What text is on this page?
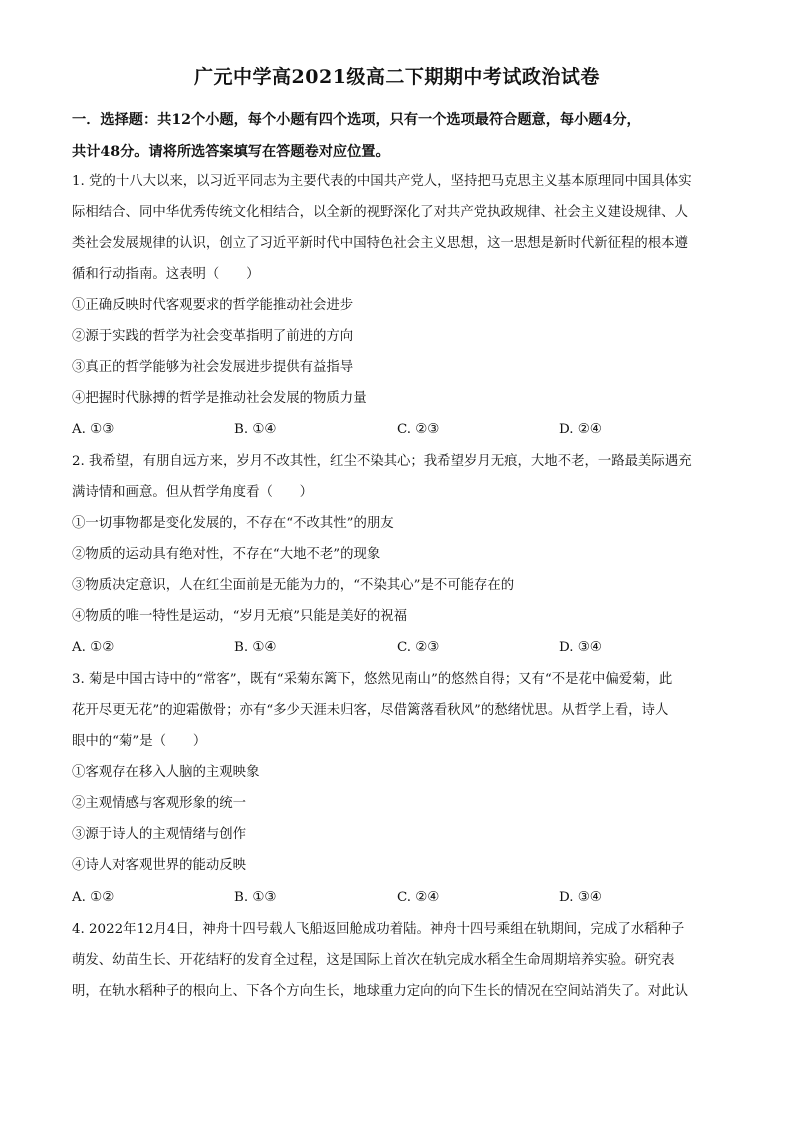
广元中学高2021级高二下期期中考试政治试卷
一．选择题：共12个小题，每个小题有四个选项，只有一个选项最符合题意，每小题4分，
共计48分。请将所选答案填写在答题卷对应位置。
1. 党的十八大以来，以习近平同志为主要代表的中国共产党人，坚持把马克思主义基本原理同中国具体实
际相结合、同中华优秀传统文化相结合，以全新的视野深化了对共产党执政规律、社会主义建设规律、人
类社会发展规律的认识，创立了习近平新时代中国特色社会主义思想，这一思想是新时代新征程的根本遵
循和行动指南。这表明（　　）
①正确反映时代客观要求的哲学能推动社会进步
②源于实践的哲学为社会变革指明了前进的方向
③真正的哲学能够为社会发展进步提供有益指导
④把握时代脉搏的哲学是推动社会发展的物质力量
A. ①③	B. ①④	C. ②③	D. ②④
2. 我希望，有朋自远方来，岁月不改其性，红尘不染其心；我希望岁月无痕，大地不老，一路最美际遇充
满诗情和画意。但从哲学角度看（　　）
①一切事物都是变化发展的，不存在“不改其性”的朋友
②物质的运动具有绝对性，不存在“大地不老”的现象
③物质决定意识，人在红尘面前是无能为力的，“不染其心”是不可能存在的
④物质的唯一特性是运动，“岁月无痕”只能是美好的祝福
A. ①②	B. ①④	C. ②③	D. ③④
3. 菊是中国古诗中的“常客”，既有“采菊东篱下，悠然见南山”的悠然自得；又有“不是花中偏爱菊，此
花开尽更无花”的迎霜傲骨；亦有“多少天涯未归客，尽借篱落看秋风”的愁绪忧思。从哲学上看，诗人
眼中的“菊”是（　　）
①客观存在移入人脑的主观映象
②主观情感与客观形象的统一
③源于诗人的主观情绪与创作
④诗人对客观世界的能动反映
A. ①②	B. ①③	C. ②④	D. ③④
4. 2022年12月4日，神舟十四号载人飞船返回舱成功着陆。神舟十四号乘组在轨期间，完成了水稻种子
萌发、幼苗生长、开花结籽的发育全过程，这是国际上首次在轨完成水稻全生命周期培养实验。研究表
明，在轨水稻种子的根向上、下各个方向生长，地球重力定向的向下生长的情况在空间站消失了。对此认
